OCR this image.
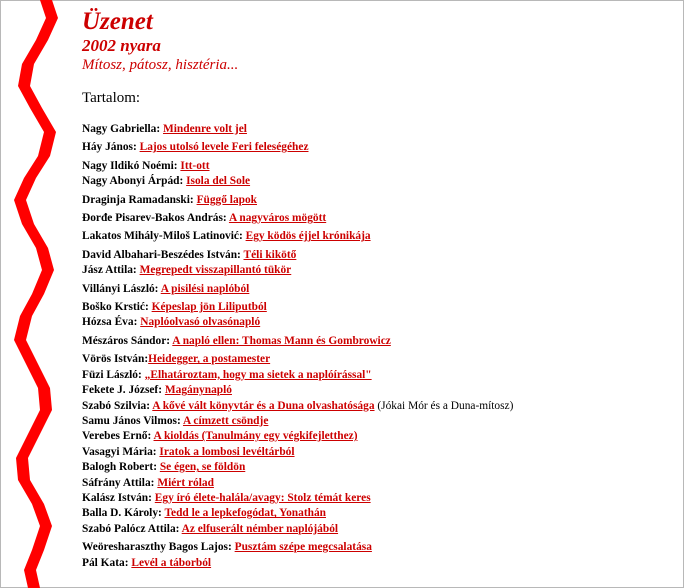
Üzenet
2002 nyara
Mítosz, pátosz, hisztéria...
Tartalom:
Nagy Gabriella: Mindenre volt jel
Háy János: Lajos utolsó levele Feri feleségéhez
Nagy Ildikó Noémi: Itt-ott
Nagy Abonyi Árpád: Isola del Sole
Draginja Ramadanski: Függő lapok
Đorđe Pisarev-Bakos András: A nagyváros mögött
Lakatos Mihály-Miloš Latinović: Egy ködös éjjel krónikája
David Albahari-Beszédes István: Téli kikötő
Jász Attila: Megrepedt visszapillantó tükör
Villányi László: A pisilési naplóból
Boško Krstić: Képeslap jön Liliputból
Hózsa Éva: Naplóolvasó olvasónapló
Mészáros Sándor: A napló ellen: Thomas Mann és Gombrowicz
Vörös István:Heidegger, a postamester
Füzi László: „Elhatároztam, hogy ma sietek a naplóírással"
Fekete J. József: Magánynapló
Szabó Szilvia: A kővé vált könyvtár és a Duna olvashatósága (Jókai Mór és a Duna-mítosz)
Samu János Vilmos: A címzett csöndje
Verebes Ernő: A kioldás (Tanulmány egy végkifejletthez)
Vasagyi Mária: Iratok a lombosi levéltárból
Balogh Robert: Se égen, se földön
Sáfrány Attila: Miért rólad
Kalász István: Egy író élete-halála/avagy: Stolz témát keres
Balla D. Károly: Tedd le a lepkefogódat, Yonathán
Szabó Palócz Attila: Az elfuserált némber naplójából
Weöresharaszthy Bagos Lajos: Pusztám szépe megcsalatása
Pál Kata: Levél a táborból
